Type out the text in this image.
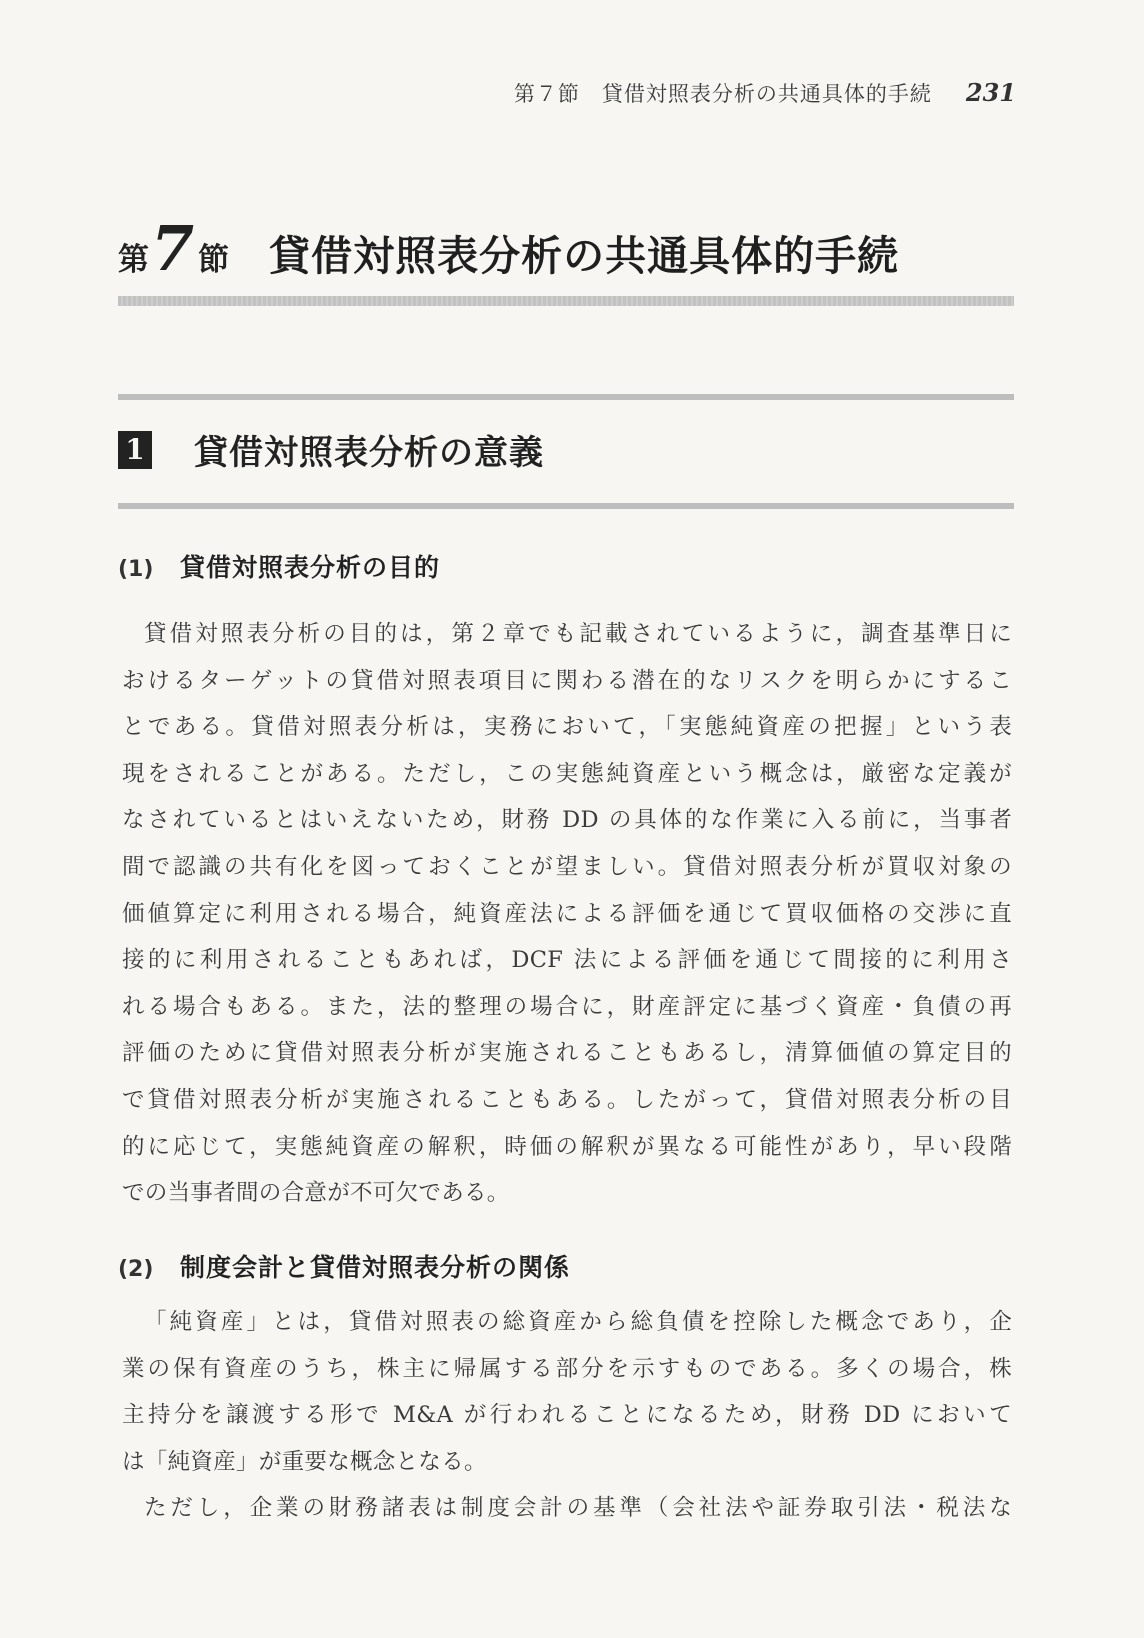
第７節　貸借対照表分析の共通具体的手続 231
第 7 節 貸借対照表分析の共通具体的手続
1 貸借対照表分析の意義
(1)	貸借対照表分析の目的
貸借対照表分析の目的は，第２章でも記載されているように，調査基準日に
おけるターゲットの貸借対照表項目に関わる潜在的なリスクを明らかにするこ
とである。貸借対照表分析は，実務において，「実態純資産の把握」という表
現をされることがある。ただし，この実態純資産という概念は，厳密な定義が
なされているとはいえないため，財務 DD の具体的な作業に入る前に，当事者
間で認識の共有化を図っておくことが望ましい。貸借対照表分析が買収対象の
価値算定に利用される場合，純資産法による評価を通じて買収価格の交渉に直
接的に利用されることもあれば，DCF 法による評価を通じて間接的に利用さ
れる場合もある。また，法的整理の場合に，財産評定に基づく資産・負債の再
評価のために貸借対照表分析が実施されることもあるし，清算価値の算定目的
で貸借対照表分析が実施されることもある。したがって，貸借対照表分析の目
的に応じて，実態純資産の解釈，時価の解釈が異なる可能性があり，早い段階
での当事者間の合意が不可欠である。
(2)	制度会計と貸借対照表分析の関係
「純資産」とは，貸借対照表の総資産から総負債を控除した概念であり，企
業の保有資産のうち，株主に帰属する部分を示すものである。多くの場合，株
主持分を譲渡する形で M&A が行われることになるため，財務 DD において
は「純資産」が重要な概念となる。
ただし，企業の財務諸表は制度会計の基準（会社法や証券取引法・税法な
